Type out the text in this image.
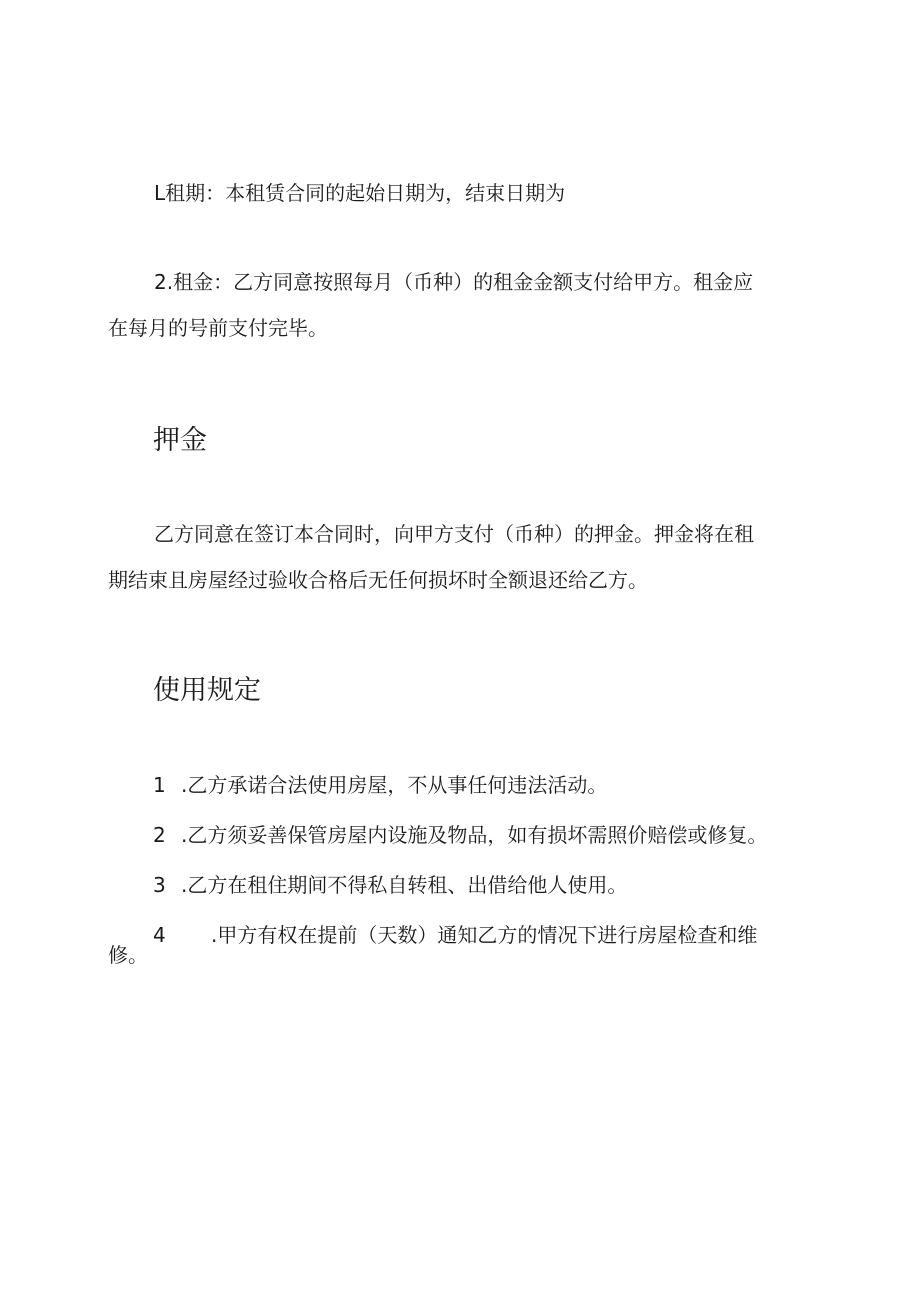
L租期：本租赁合同的起始日期为，结束日期为
2.租金：乙方同意按照每月（币种）的租金金额支付给甲方。租金应
在每月的号前支付完毕。
押金
乙方同意在签订本合同时，向甲方支付（币种）的押金。押金将在租
期结束且房屋经过验收合格后无任何损坏时全额退还给乙方。
使用规定
1 .乙方承诺合法使用房屋，不从事任何违法活动。
2 .乙方须妥善保管房屋内设施及物品，如有损坏需照价赔偿或修复。
3 .乙方在租住期间不得私自转租、出借给他人使用。
4 .甲方有权在提前（天数）通知乙方的情况下进行房屋检查和维
修。
